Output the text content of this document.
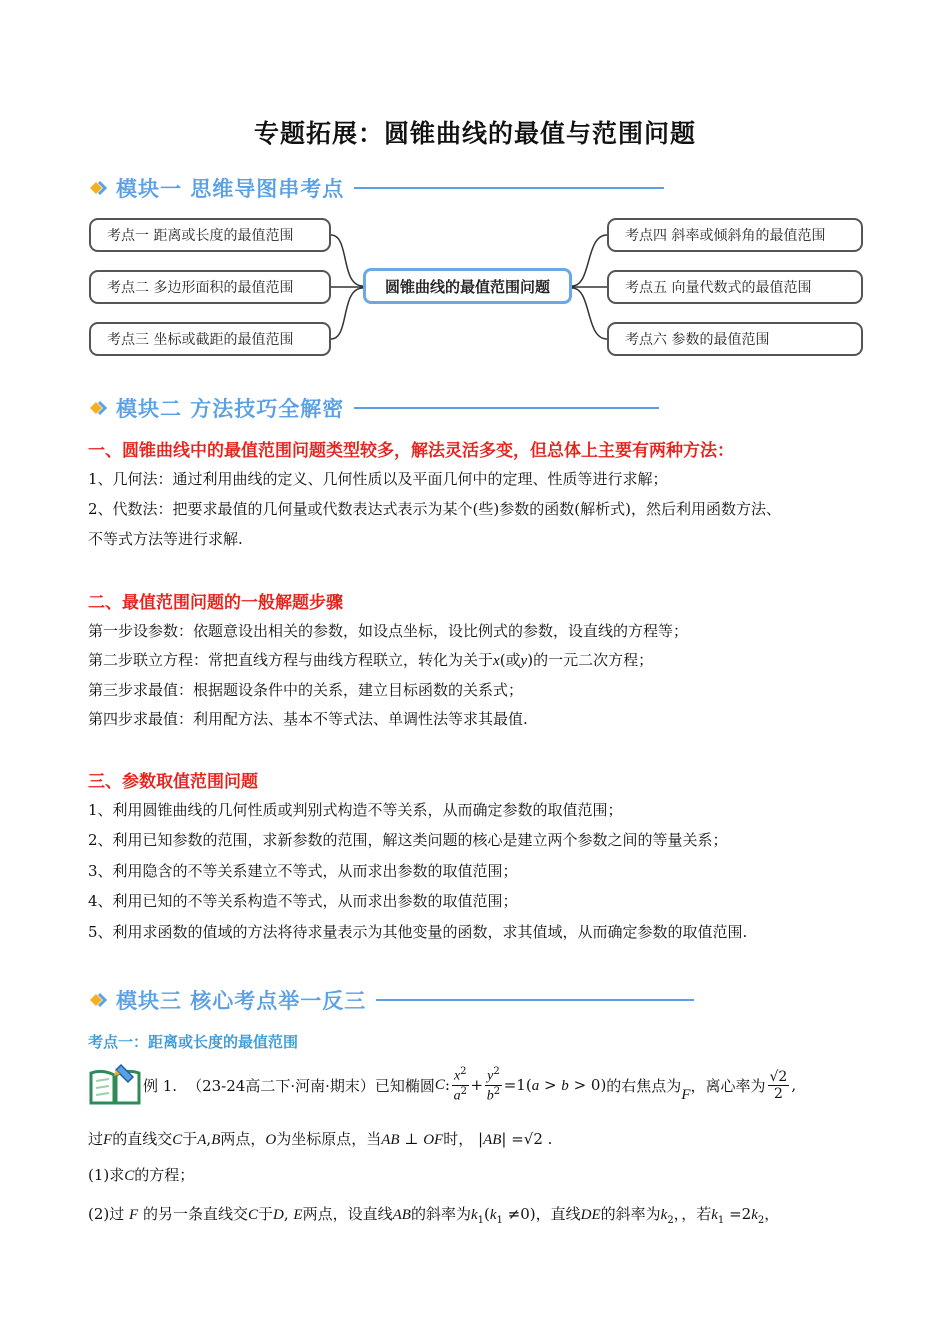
专题拓展：圆锥曲线的最值与范围问题
模块一 思维导图串考点
考点一 距离或长度的最值范围
考点二 多边形面积的最值范围
考点三 坐标或截距的最值范围
圆锥曲线的最值范围问题
考点四 斜率或倾斜角的最值范围
考点五 向量代数式的最值范围
考点六 参数的最值范围
模块二 方法技巧全解密
一、圆锥曲线中的最值范围问题类型较多，解法灵活多变，但总体上主要有两种方法：
1、几何法：通过利用曲线的定义、几何性质以及平面几何中的定理、性质等进行求解；
2、代数法：把要求最值的几何量或代数表达式表示为某个(些)参数的函数(解析式)，然后利用函数方法、
不等式方法等进行求解.
二、最值范围问题的一般解题步骤
第一步设参数：依题意设出相关的参数，如设点坐标，设比例式的参数，设直线的方程等；
第二步联立方程：常把直线方程与曲线方程联立，转化为关于x(或y)的一元二次方程；
第三步求最值：根据题设条件中的关系，建立目标函数的关系式；
第四步求最值：利用配方法、基本不等式法、单调性法等求其最值.
三、参数取值范围问题
1、利用圆锥曲线的几何性质或判别式构造不等关系，从而确定参数的取值范围；
2、利用已知参数的范围，求新参数的范围，解这类问题的核心是建立两个参数之间的等量关系；
3、利用隐含的不等关系建立不等式，从而求出参数的取值范围；
4、利用已知的不等关系构造不等式，从而求出参数的取值范围；
5、利用求函数的值域的方法将待求量表示为其他变量的函数，求其值域，从而确定参数的取值范围.
模块三 核心考点举一反三
考点一：距离或长度的最值范围
例 1. （23-24高二下·河南·期末）已知椭圆 C : $\frac{x^2}{a^2} + \frac{y^2}{b^2} =1(a > b > 0)$ 的右焦点为 F ，离心率为 $\frac{√2}{2}$ ,
过F的直线交C于A,B两点，O为坐标原点，当AB ⊥ OF时， |AB| =√2 .
(1)求C的方程；
(2)过 F 的另一条直线交C于D, E两点，设直线AB的斜率为$k_1(k_1 \ne 0)$，直线DE的斜率为$k_2$，，若$k_1 =2k_2$，
